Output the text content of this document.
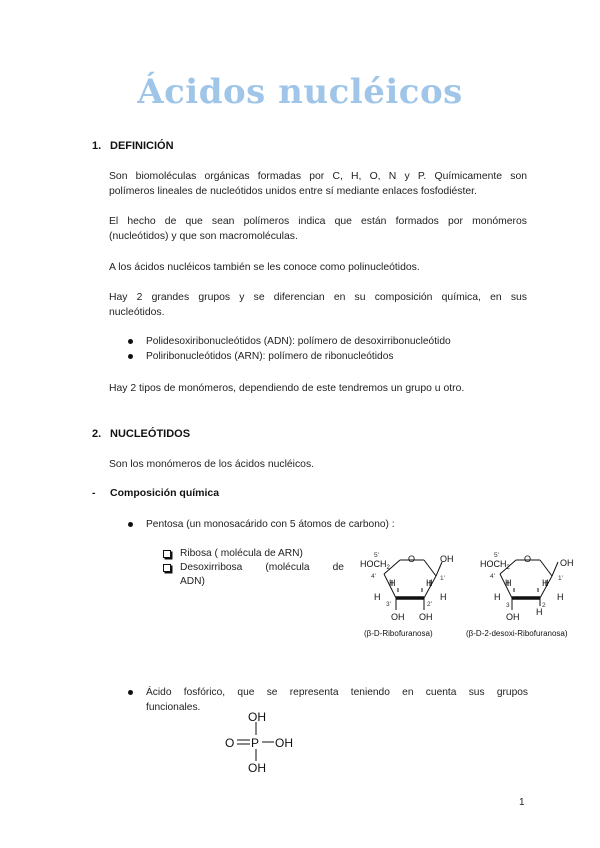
Ácidos nucléicos
1. DEFINICIÓN
Son biomoléculas orgánicas formadas por C, H, O, N y P. Químicamente son
polímeros lineales de nucleótidos unidos entre sí mediante enlaces fosfodiéster.
El hecho de que sean polímeros indica que están formados por monómeros
(nucleótidos) y que son macromoléculas.
A los ácidos nucléicos también se les conoce como polinucleótidos.
Hay 2 grandes grupos y se diferencian en su composición química, en sus
nucleótidos.
Polidesoxiribonucleótidos (ADN): polímero de desoxirribonucleótido
Poliribonucleótidos (ARN): polímero de ribonucleótidos
Hay 2 tipos de monómeros, dependiendo de este tendremos un grupo u otro.
2. NUCLEÓTIDOS
Son los monómeros de los ácidos nucléicos.
- Composición química
Pentosa (un monosacárido con 5 átomos de carbono) :
Ribosa ( molécula de ARN)
Desoxirribosa (molécula de
ADN)
5'
$HOCH_2$
O	OH
4'	1'
H	H
H	H
3'	2'
OH OH
(β-D-Ribofuranosa)
5'
$HOCH_2$
O	OH
4'	1'
H	H
H	H
3	2
OH H
(β-D-2-desoxi-Ribofuranosa)
Ácido fosfórico, que se representa teniendo en cuenta sus grupos
funcionales.
OH
O P OH
OH
1
